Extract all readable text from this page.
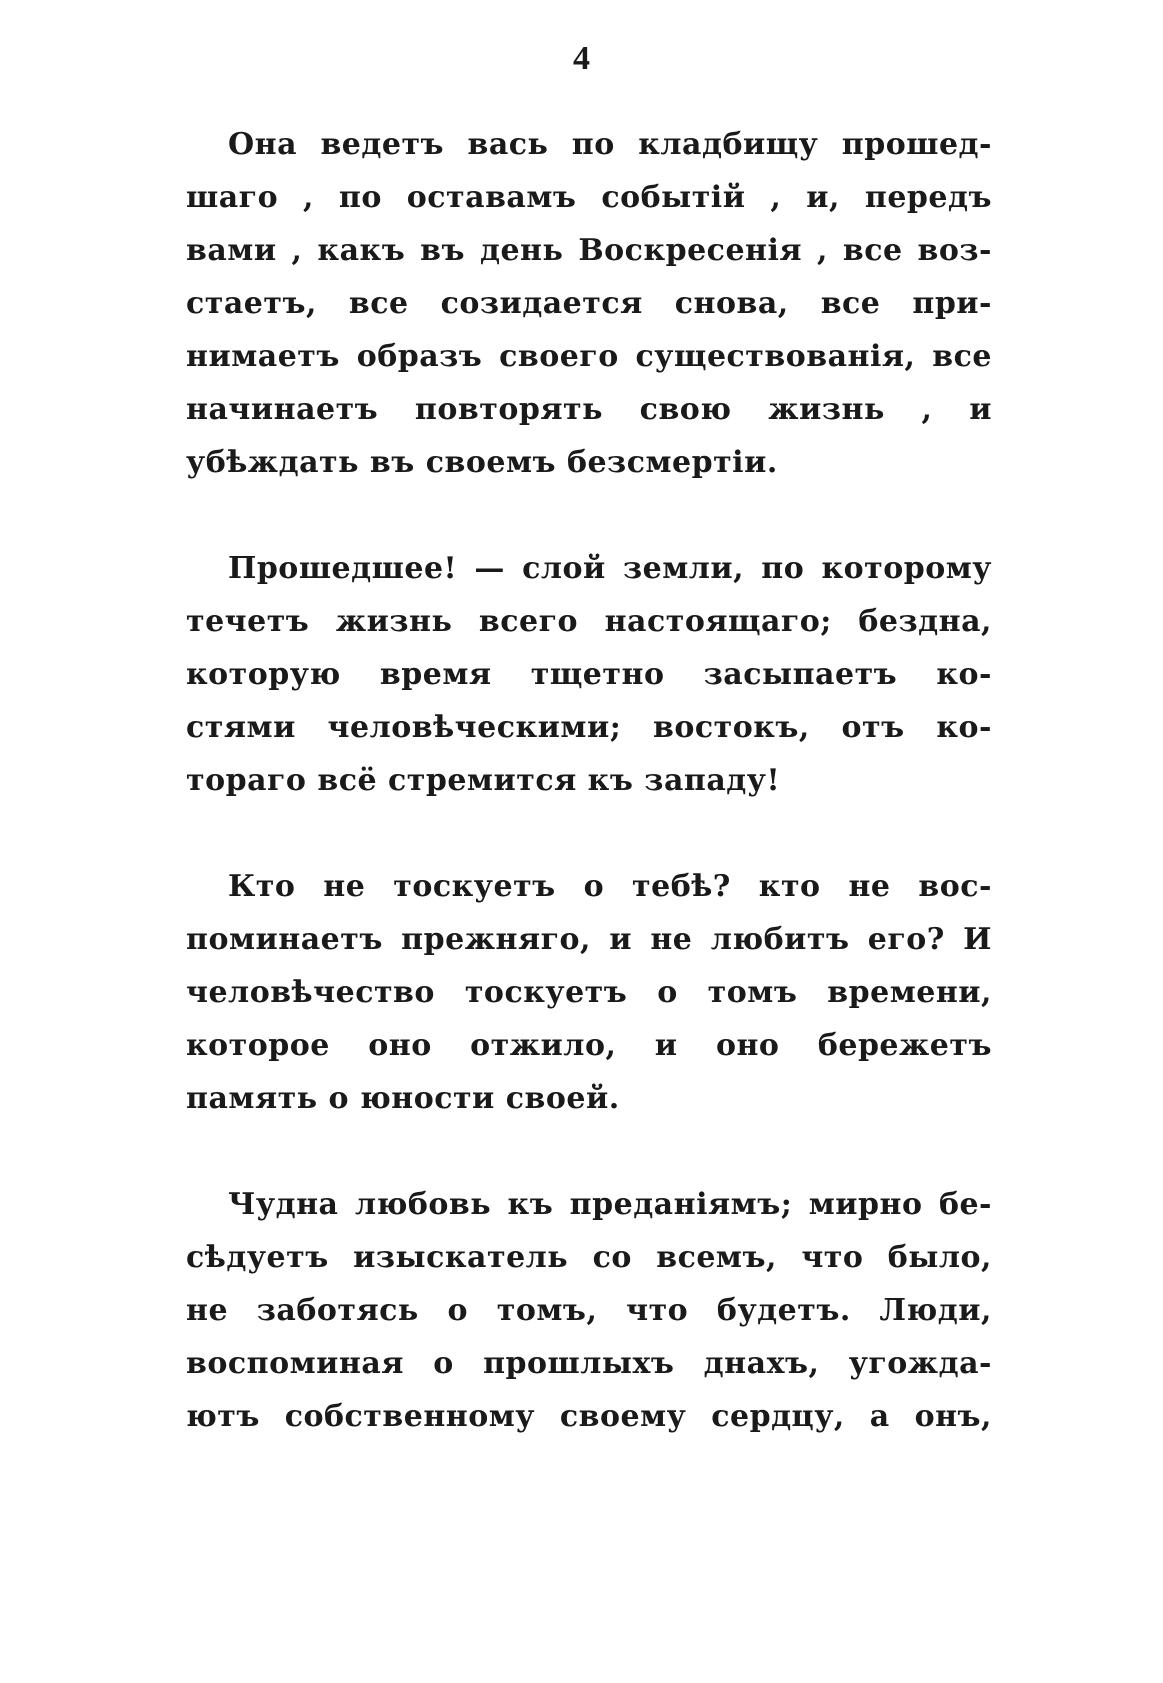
4
Она ведетъ вась по кладбищу прошед-
шаго , по оставамъ событій , и, передъ
вами , какъ въ день Воскресенія , все воз-
стаетъ, все созидается снова, все при-
нимаетъ образъ своего существованія, все
начинаетъ повторять свою жизнь , и
убѣждать въ своемъ безсмертіи.
Прошедшее! — слой земли, по которому
течетъ жизнь всего настоящаго; бездна,
которую время тщетно засыпаетъ ко-
стями человѣческими; востокъ, отъ ко-
тораго всё стремится къ западу!
Кто не тоскуетъ о тебѣ? кто не вос-
поминаетъ прежняго, и не любитъ его? И
человѣчество тоскуетъ о томъ времени,
которое оно отжило, и оно бережетъ
память о юности своей.
Чудна любовь къ преданіямъ; мирно бе-
сѣдуетъ изыскатель со всемъ, что было,
не заботясь о томъ, что будетъ. Люди,
воспоминая о прошлыхъ днахъ, угожда-
ютъ собственному своему сердцу, а онъ,
